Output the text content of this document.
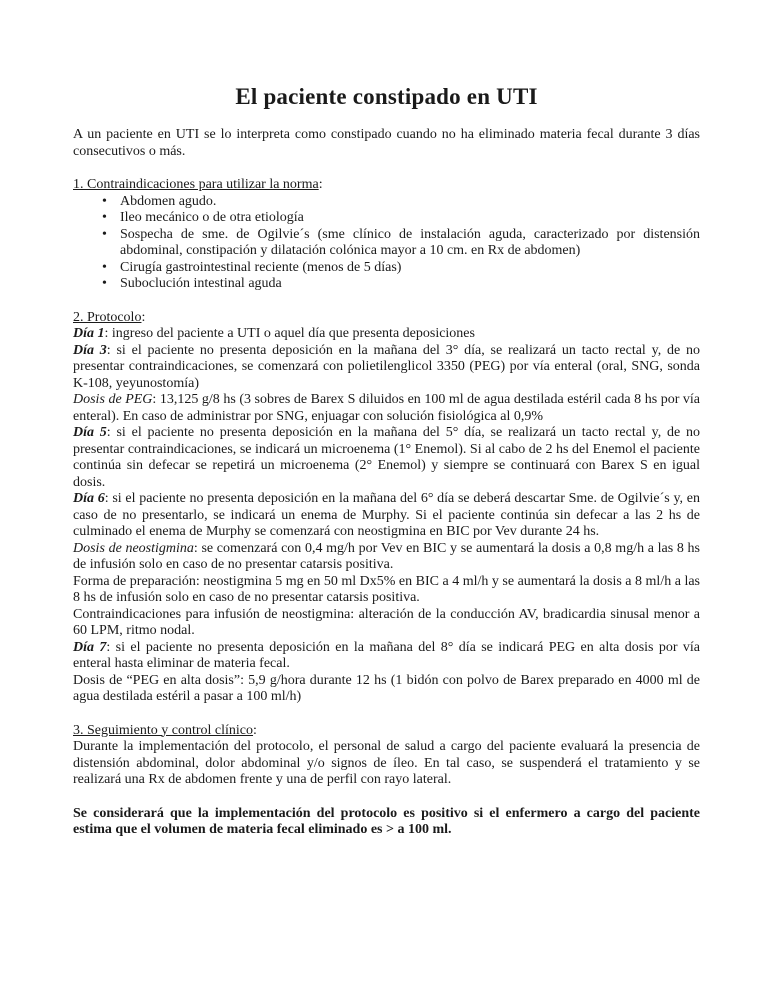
El paciente constipado en UTI

A un paciente en UTI se lo interpreta como constipado cuando no ha eliminado materia fecal durante 3 días consecutivos o más.

1. Contraindicaciones para utilizar la norma:

• Abdomen agudo.
• Ileo mecánico o de otra etiología
• Sospecha de sme. de Ogilvie´s (sme clínico de instalación aguda, caracterizado por distensión abdominal, constipación y dilatación colónica mayor a 10 cm. en Rx de abdomen)
• Cirugía gastrointestinal reciente (menos de 5 días)
• Suboclución intestinal aguda

2. Protocolo:

Día 1: ingreso del paciente a UTI o aquel día que presenta deposiciones

Día 3: si el paciente no presenta deposición en la mañana del 3° día, se realizará un tacto rectal y, de no presentar contraindicaciones, se comenzará con polietilenglicol 3350 (PEG) por vía enteral (oral, SNG, sonda K-108, yeyunostomía)

Dosis de PEG: 13,125 g/8 hs (3 sobres de Barex S diluidos en 100 ml de agua destilada estéril cada 8 hs por vía enteral). En caso de administrar por SNG, enjuagar con solución fisiológica al 0,9%

Día 5: si el paciente no presenta deposición en la mañana del 5° día, se realizará un tacto rectal y, de no presentar contraindicaciones, se indicará un microenema (1° Enemol). Si al cabo de 2 hs del Enemol el paciente continúa sin defecar se repetirá un microenema (2° Enemol) y siempre se continuará con Barex S en igual dosis.

Día 6: si el paciente no presenta deposición en la mañana del 6° día se deberá descartar Sme. de Ogilvie´s y, en caso de no presentarlo, se indicará un enema de Murphy. Si el paciente continúa sin defecar a las 2 hs de culminado el enema de Murphy se comenzará con neostigmina en BIC por Vev durante 24 hs.

Dosis de neostigmina: se comenzará con 0,4 mg/h por Vev en BIC y se aumentará la dosis a 0,8 mg/h a las 8 hs de infusión solo en caso de no presentar catarsis positiva.

Forma de preparación: neostigmina 5 mg en 50 ml Dx5% en BIC a 4 ml/h y se aumentará la dosis a 8 ml/h a las 8 hs de infusión solo en caso de no presentar catarsis positiva.

Contraindicaciones para infusión de neostigmina: alteración de la conducción AV, bradicardia sinusal menor a 60 LPM, ritmo nodal.

Día 7: si el paciente no presenta deposición en la mañana del 8° día se indicará PEG en alta dosis por vía enteral hasta eliminar de materia fecal.

Dosis de “PEG en alta dosis”: 5,9 g/hora durante 12 hs (1 bidón con polvo de Barex preparado en 4000 ml de agua destilada estéril a pasar a 100 ml/h)

3. Seguimiento y control clínico:

Durante la implementación del protocolo, el personal de salud a cargo del paciente evaluará la presencia de distensión abdominal, dolor abdominal y/o signos de íleo. En tal caso, se suspenderá el tratamiento y se realizará una Rx de abdomen frente y una de perfil con rayo lateral.

Se considerará que la implementación del protocolo es positivo si el enfermero a cargo del paciente estima que el volumen de materia fecal eliminado es > a 100 ml.
